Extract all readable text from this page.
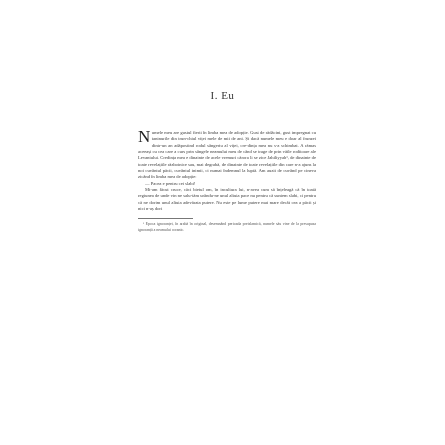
I. Eu

Numele meu are gustul fierii în limba mea de adopție. Gust de rădăcini, gust impregnat cu taninurile din trun-chiul viței mele de mii de ani. Și dacă numele meu e doar al frunzei dintr-un an adăpostind rodul sângeriu al viței, cre-dința mea nu s-a schimbat. A rămas aceeași cu cea care a curs prin sângele neamului meu de când se trage de prin văile roditoare ale Levantului. Credința mea e dinainte de acele vremuri cărora li se zice Jahiliyyah¹, de dinainte de toate revelațiile războinice sau, mai degrabă, de dinainte de toate revelațiile din care n-a ajuns la noi cuvântul păcii, cuvântul inimii, ci numai îndemnul la luptă. Am auzit de cuvând pe cineva zicând în limba mea de adopție:

— Pacea e pentru cei slabi!

Mi-am făcut cruce, căci bietul om, în incultura lui, n-avea cum să înțeleagă că în toată regiunea de unde vin ne salu-tăm urându-ne unul altuia pace nu pentru că suntem slabi, ci pentru că ne dorim unul altuia adevărata putere. Nu este pe lume putere mai mare decât cea a păcii și nici n-aș dori

¹ Epoca ignoranței, în arabă în original, desemnând perioada preislamică, numele său vine de la presupusa ignoranță a neamului coranic.
